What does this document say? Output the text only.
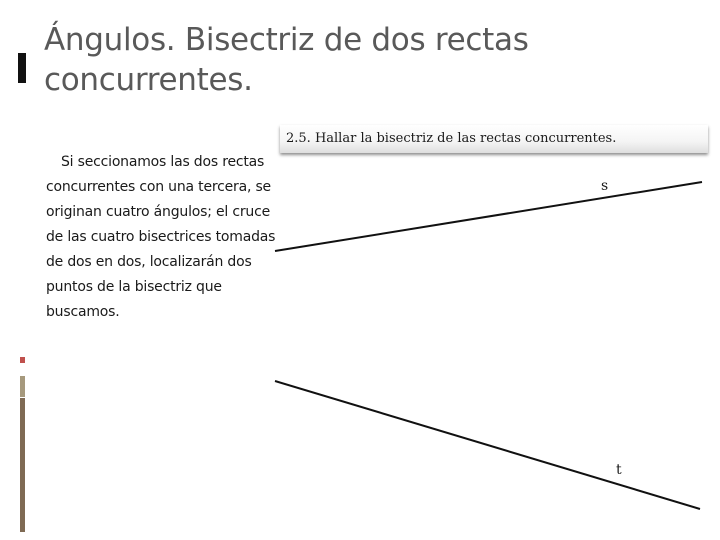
Ángulos. Bisectriz de dos rectas concurrentes.

Si seccionamos las dos rectas concurrentes con una tercera, se originan cuatro ángulos; el cruce de las cuatro bisectrices tomadas de dos en dos, localizarán dos puntos de la bisectriz que buscamos.

2.5. Hallar la bisectriz de las rectas concurrentes.
s
t
